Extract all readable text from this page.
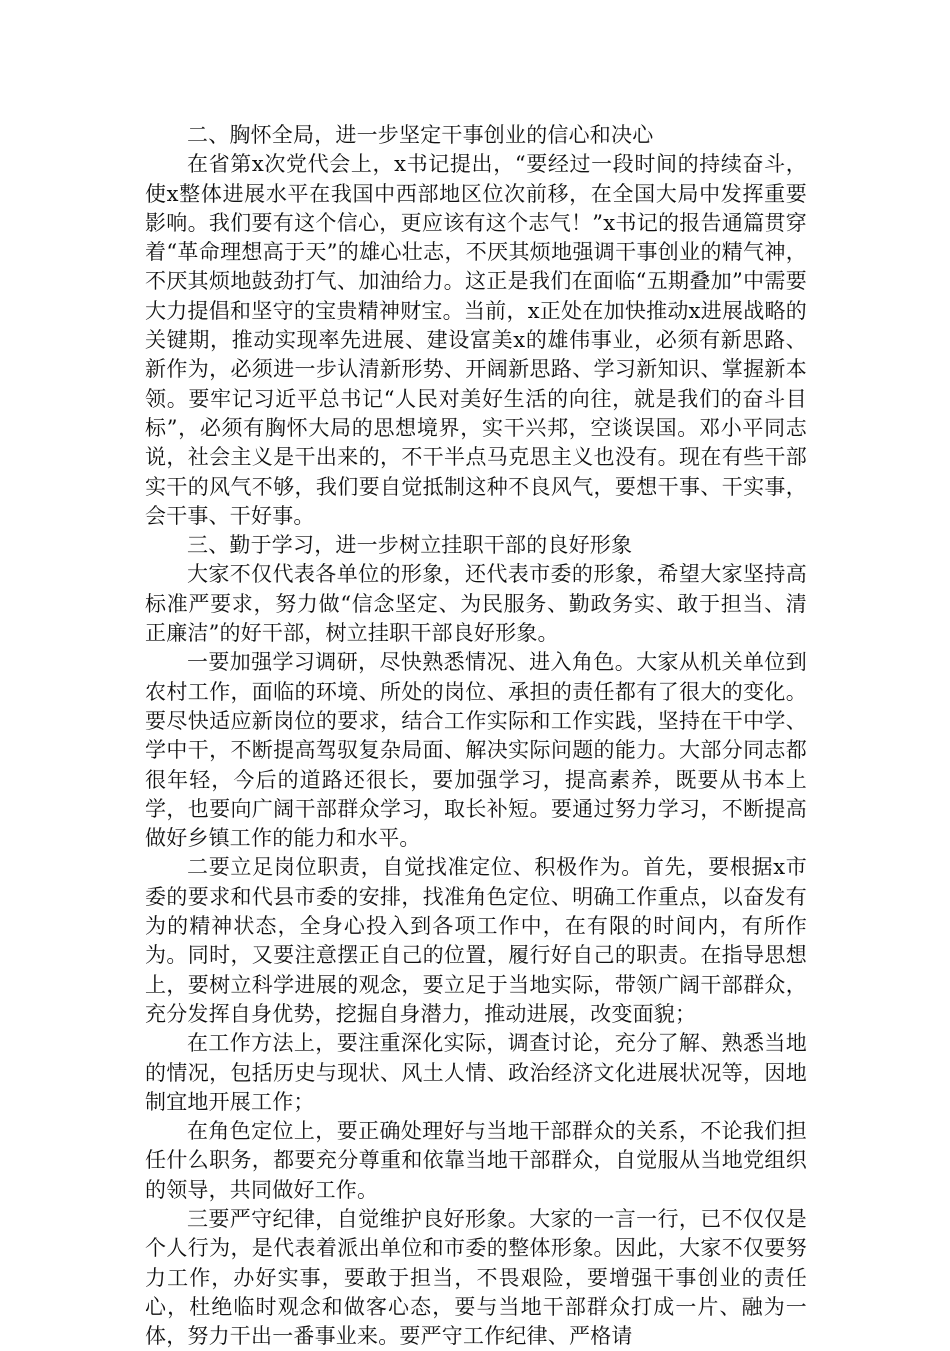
二、胸怀全局，进一步坚定干事创业的信心和决心

在省第x次党代会上，x书记提出，“要经过一段时间的持续奋斗，使x整体进展水平在我国中西部地区位次前移，在全国大局中发挥重要影响。我们要有这个信心，更应该有这个志气！”x书记的报告通篇贯穿着“革命理想高于天”的雄心壮志，不厌其烦地强调干事创业的精气神，不厌其烦地鼓劲打气、加油给力。这正是我们在面临“五期叠加”中需要大力提倡和坚守的宝贵精神财宝。当前，x正处在加快推动x进展战略的关键期，推动实现率先进展、建设富美x的雄伟事业，必须有新思路、新作为，必须进一步认清新形势、开阔新思路、学习新知识、掌握新本领。要牢记习近平总书记“人民对美好生活的向往，就是我们的奋斗目标”，必须有胸怀大局的思想境界，实干兴邦，空谈误国。邓小平同志说，社会主义是干出来的，不干半点马克思主义也没有。现在有些干部实干的风气不够，我们要自觉抵制这种不良风气，要想干事、干实事，会干事、干好事。

三、勤于学习，进一步树立挂职干部的良好形象

大家不仅代表各单位的形象，还代表市委的形象，希望大家坚持高标准严要求，努力做“信念坚定、为民服务、勤政务实、敢于担当、清正廉洁”的好干部，树立挂职干部良好形象。

一要加强学习调研，尽快熟悉情况、进入角色。大家从机关单位到农村工作，面临的环境、所处的岗位、承担的责任都有了很大的变化。要尽快适应新岗位的要求，结合工作实际和工作实践，坚持在干中学、学中干，不断提高驾驭复杂局面、解决实际问题的能力。大部分同志都很年轻，今后的道路还很长，要加强学习，提高素养，既要从书本上学，也要向广阔干部群众学习，取长补短。要通过努力学习，不断提高做好乡镇工作的能力和水平。

二要立足岗位职责，自觉找准定位、积极作为。首先，要根据x市委的要求和代县市委的安排，找准角色定位、明确工作重点，以奋发有为的精神状态，全身心投入到各项工作中，在有限的时间内，有所作为。同时，又要注意摆正自己的位置，履行好自己的职责。在指导思想上，要树立科学进展的观念，要立足于当地实际，带领广阔干部群众，充分发挥自身优势，挖掘自身潜力，推动进展，改变面貌；

在工作方法上，要注重深化实际，调查讨论，充分了解、熟悉当地的情况，包括历史与现状、风土人情、政治经济文化进展状况等，因地制宜地开展工作；

在角色定位上，要正确处理好与当地干部群众的关系，不论我们担任什么职务，都要充分尊重和依靠当地干部群众，自觉服从当地党组织的领导，共同做好工作。

三要严守纪律，自觉维护良好形象。大家的一言一行，已不仅仅是个人行为，是代表着派出单位和市委的整体形象。因此，大家不仅要努力工作，办好实事，要敢于担当，不畏艰险，要增强干事创业的责任心，杜绝临时观念和做客心态，要与当地干部群众打成一片、融为一体，努力干出一番事业来。要严守工作纪律、严格请
